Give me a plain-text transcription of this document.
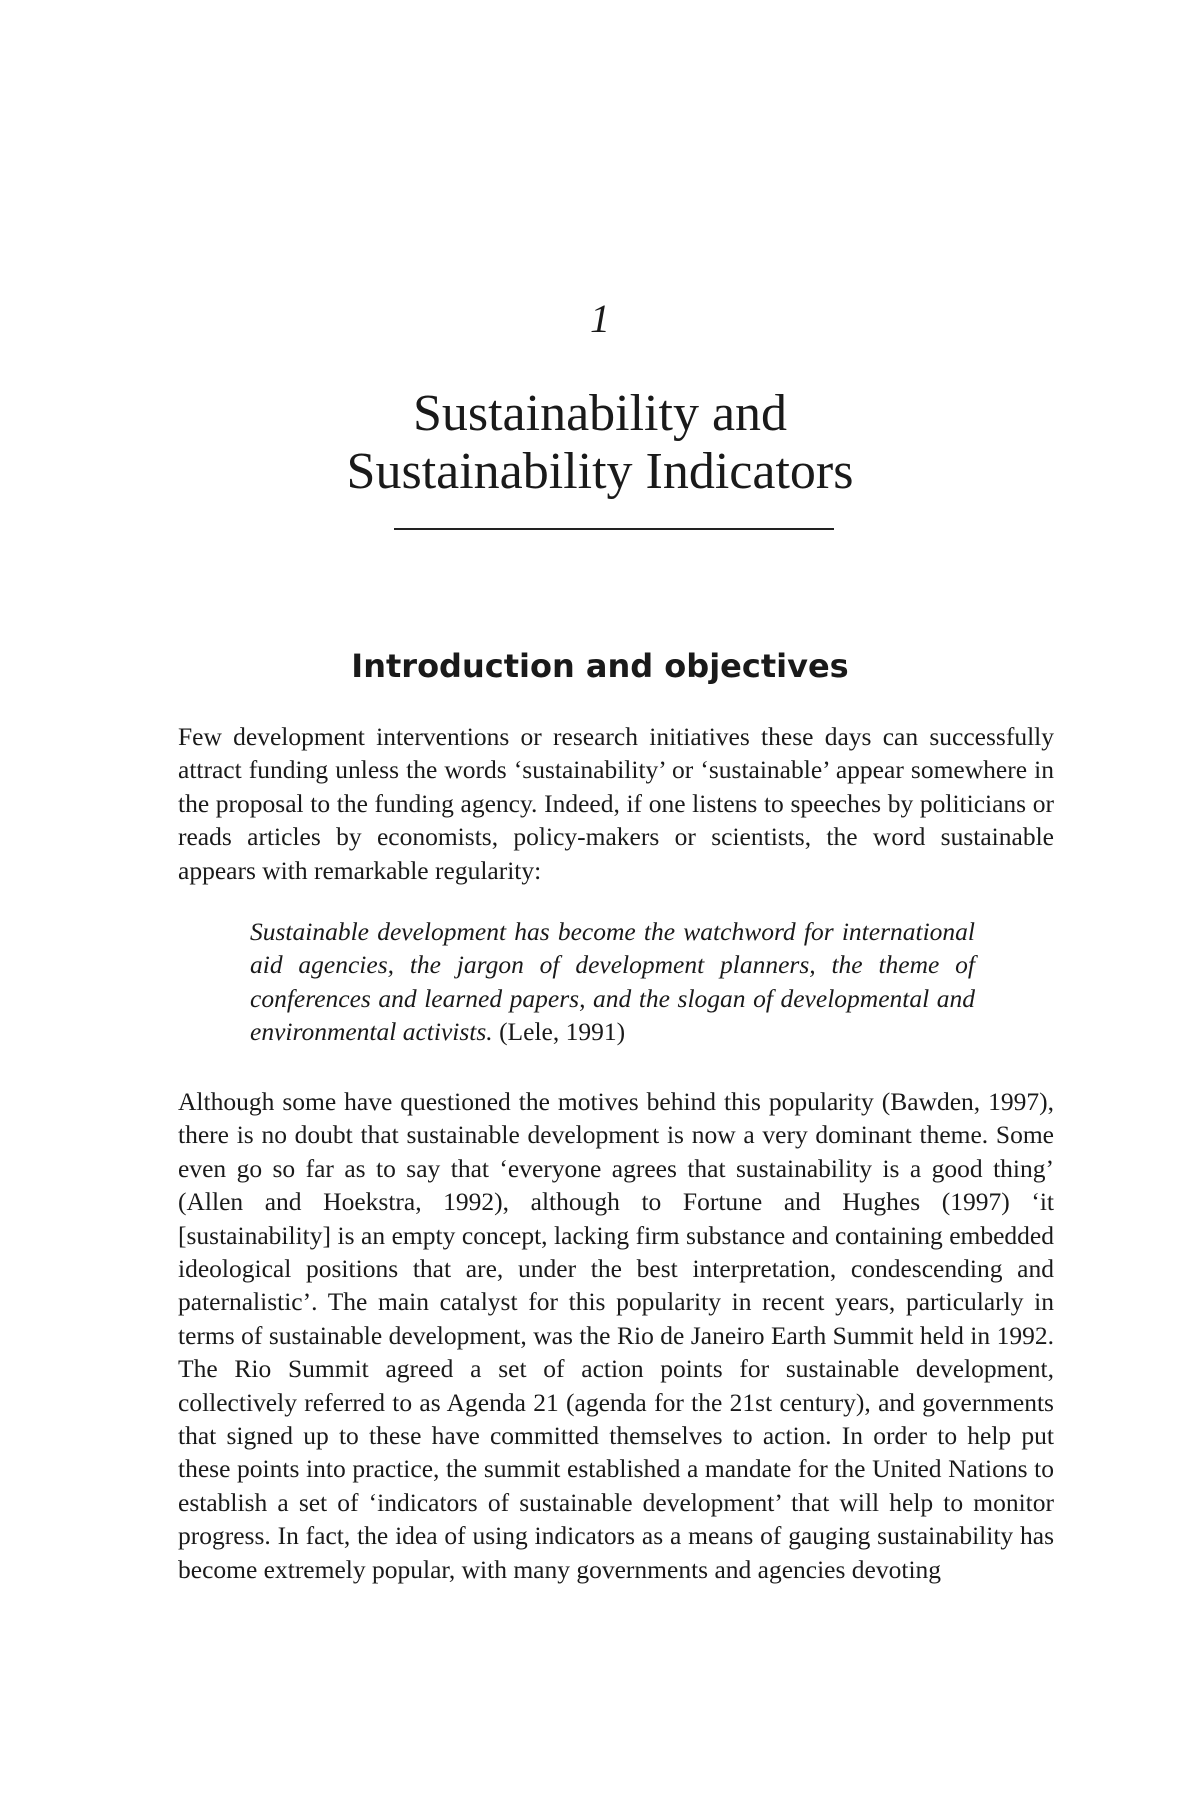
1
Sustainability and
Sustainability Indicators
Introduction and objectives

Few development interventions or research initiatives these days can successfully attract funding unless the words ‘sustainability’ or ‘sustainable’ appear somewhere in the proposal to the funding agency. Indeed, if one listens to speeches by politicians or reads articles by economists, policy-makers or scientists, the word sustainable appears with remarkable regularity:

Sustainable development has become the watchword for international aid agencies, the jargon of development planners, the theme of conferences and learned papers, and the slogan of developmental and environmental activists. (Lele, 1991)

Although some have questioned the motives behind this popularity (Bawden, 1997), there is no doubt that sustainable development is now a very dominant theme. Some even go so far as to say that ‘everyone agrees that sustainability is a good thing’ (Allen and Hoekstra, 1992), although to Fortune and Hughes (1997) ‘it [sustainability] is an empty concept, lacking firm substance and containing embedded ideological positions that are, under the best interpretation, condescending and paternalistic’. The main catalyst for this popularity in recent years, particularly in terms of sustainable development, was the Rio de Janeiro Earth Summit held in 1992. The Rio Summit agreed a set of action points for sustainable development, collectively referred to as Agenda 21 (agenda for the 21st century), and governments that signed up to these have committed themselves to action. In order to help put these points into practice, the summit established a mandate for the United Nations to establish a set of ‘indicators of sustainable development’ that will help to monitor progress. In fact, the idea of using indicators as a means of gauging sustainability has become extremely popular, with many governments and agencies devoting
